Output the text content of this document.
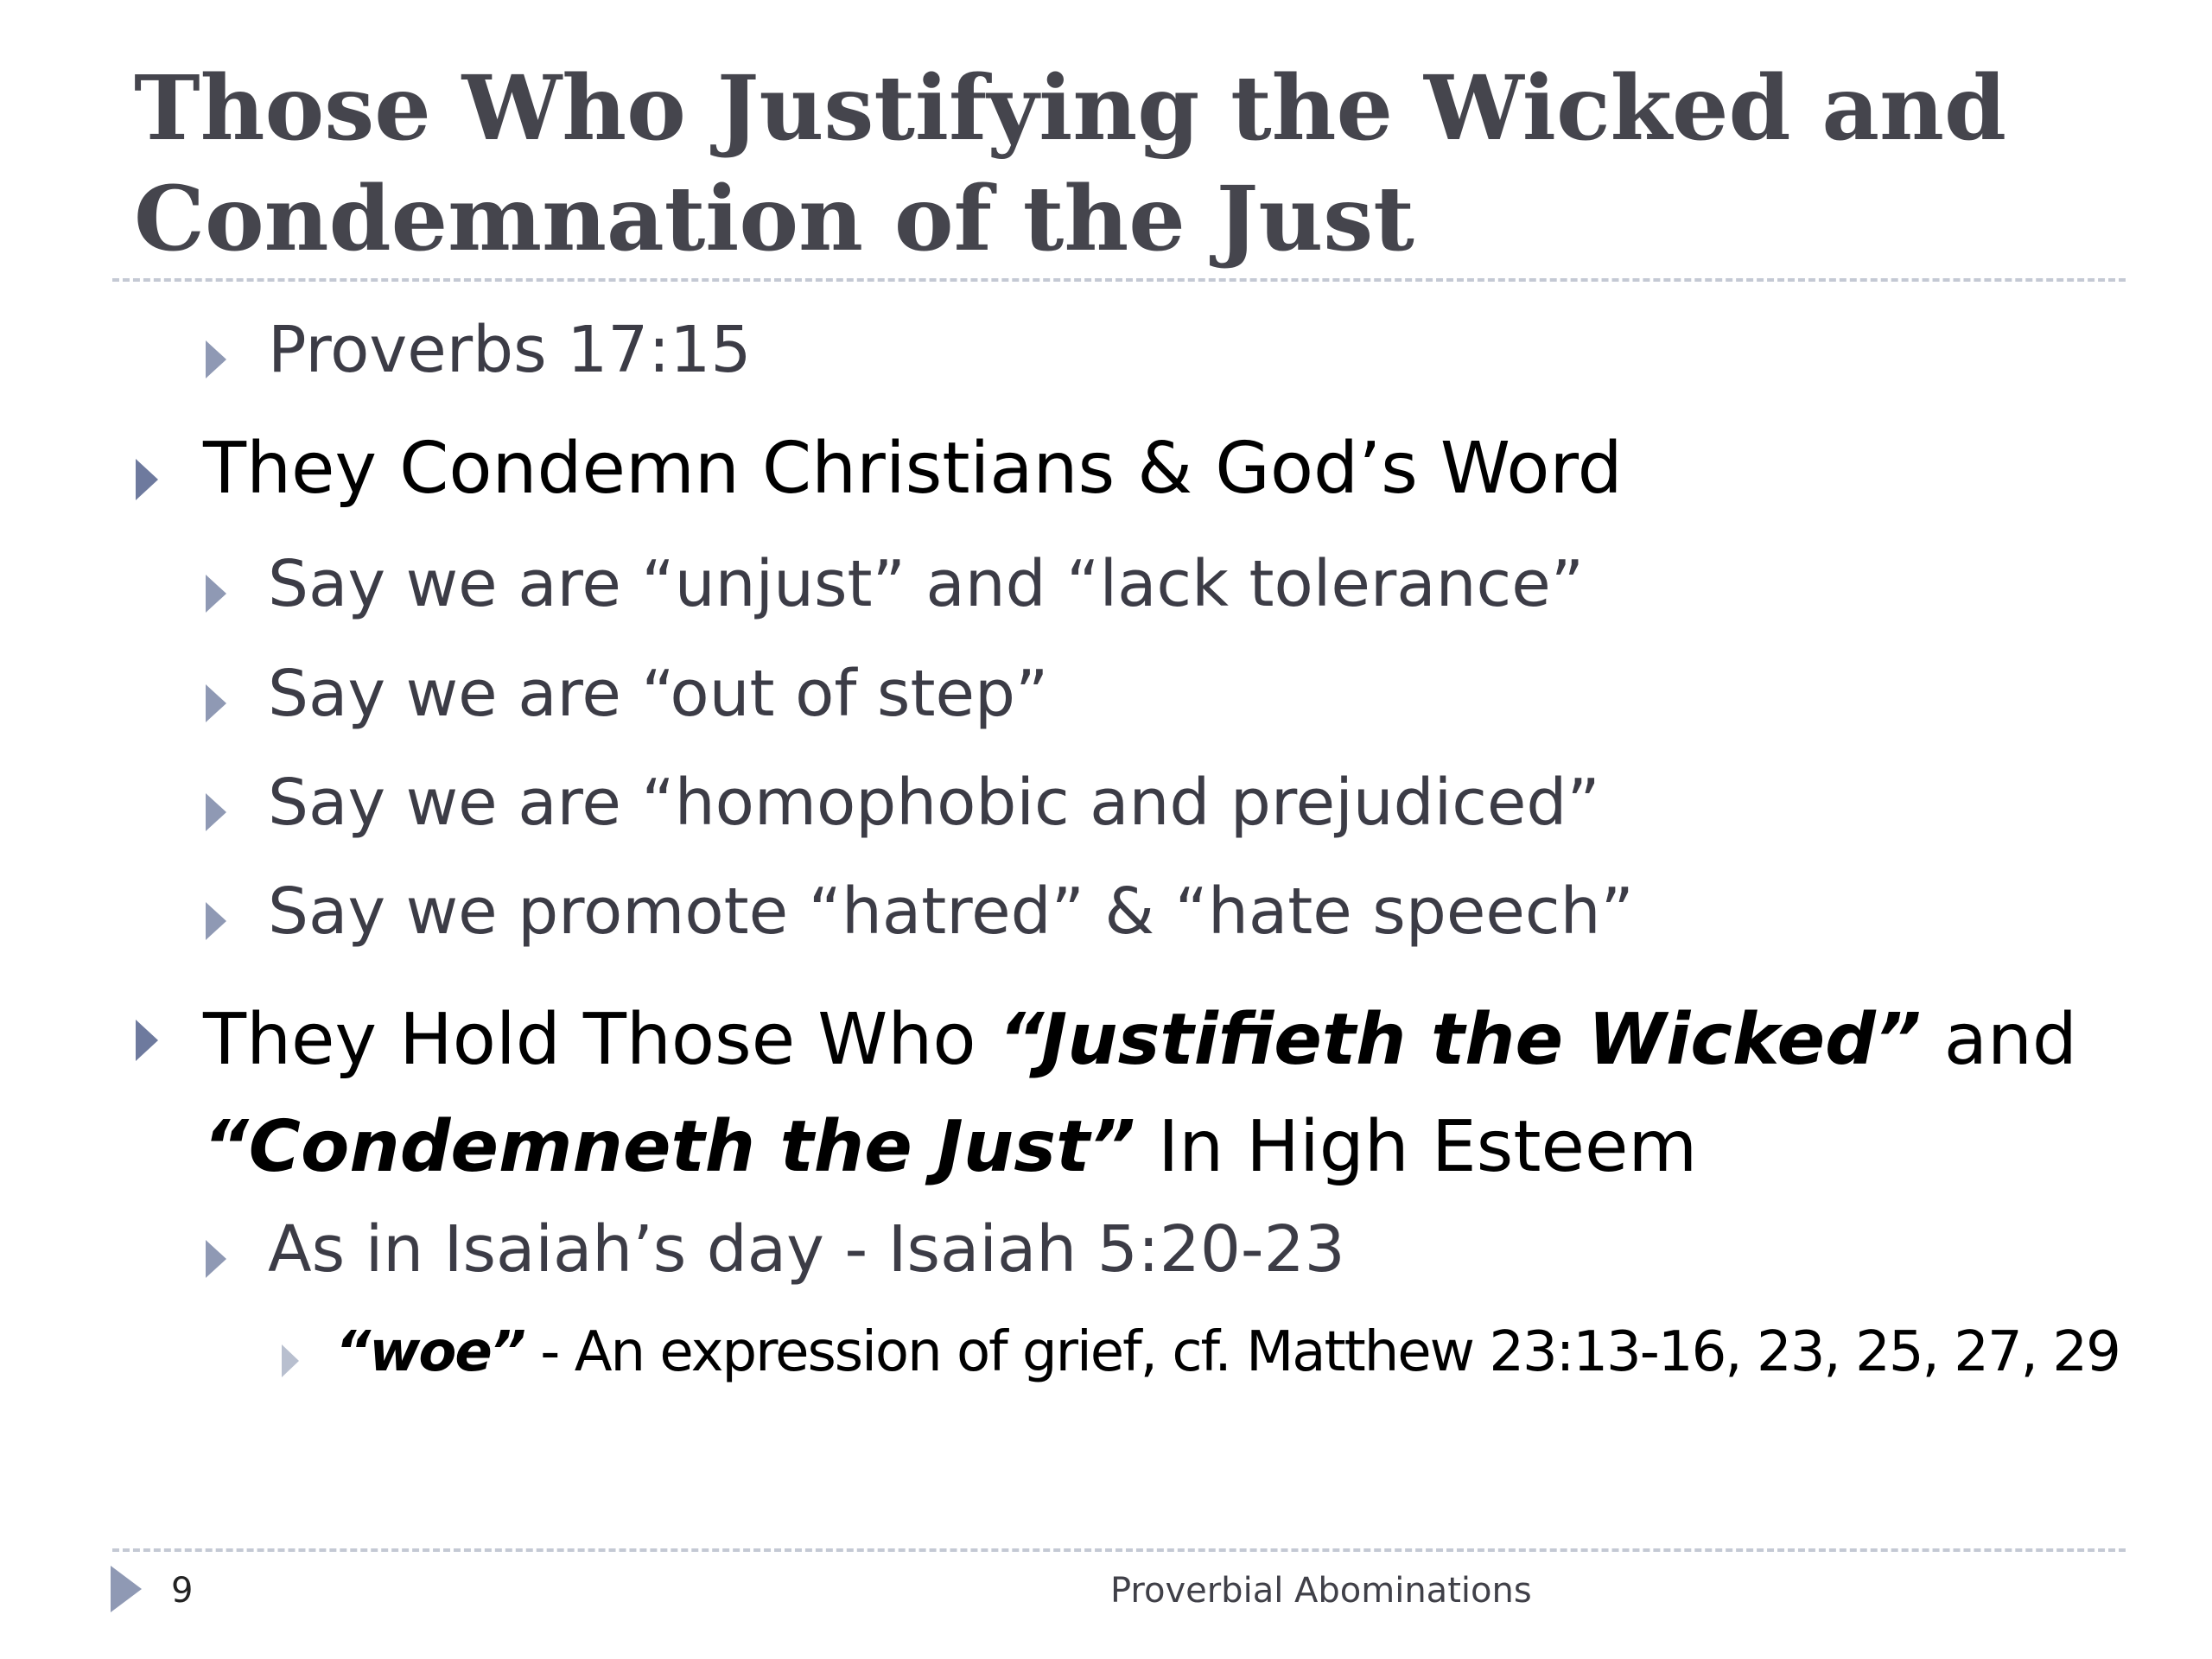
Those Who Justifying the Wicked and
Condemnation of the Just
Proverbs 17:15
They Condemn Christians & God’s Word
Say we are “unjust” and “lack tolerance”
Say we are “out of step”
Say we are “homophobic and prejudiced”
Say we promote “hatred” & “hate speech”
They Hold Those Who “Justifieth the Wicked” and
“Condemneth the Just” In High Esteem
As in Isaiah’s day - Isaiah 5:20-23
“woe” - An expression of grief, cf. Matthew 23:13-16, 23, 25, 27, 29
9	Proverbial Abominations
